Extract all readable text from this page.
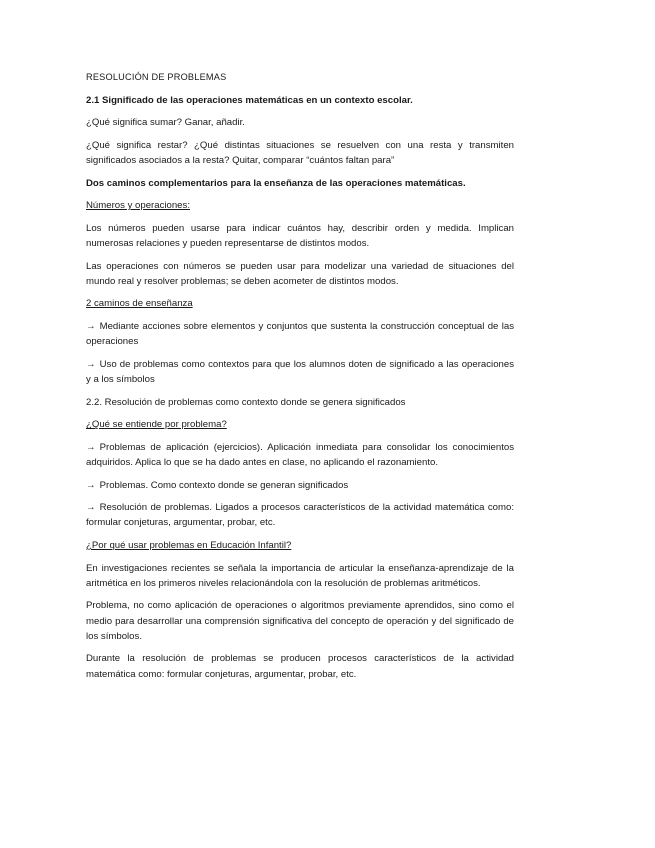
RESOLUCIÓN DE PROBLEMAS

2.1 Significado de las operaciones matemáticas en un contexto escolar.

¿Qué significa sumar? Ganar, añadir.

¿Qué significa restar? ¿Qué distintas situaciones se resuelven con una resta y transmiten significados asociados a la resta? Quitar, comparar “cuántos faltan para”

Dos caminos complementarios para la enseñanza de las operaciones matemáticas.

Números y operaciones:

Los números pueden usarse para indicar cuántos hay, describir orden y medida. Implican numerosas relaciones y pueden representarse de distintos modos.

Las operaciones con números se pueden usar para modelizar una variedad de situaciones del mundo real y resolver problemas; se deben acometer de distintos modos.

2 caminos de enseñanza

→ Mediante acciones sobre elementos y conjuntos que sustenta la construcción conceptual de las operaciones

→ Uso de problemas como contextos para que los alumnos doten de significado a las operaciones y a los símbolos

2.2. Resolución de problemas como contexto donde se genera significados

¿Qué se entiende por problema?

→ Problemas de aplicación (ejercicios). Aplicación inmediata para consolidar los conocimientos adquiridos. Aplica lo que se ha dado antes en clase, no aplicando el razonamiento.

→ Problemas. Como contexto donde se generan significados

→ Resolución de problemas. Ligados a procesos característicos de la actividad matemática como: formular conjeturas, argumentar, probar, etc.

¿Por qué usar problemas en Educación Infantil?

En investigaciones recientes se señala la importancia de articular la enseñanza-aprendizaje de la aritmética en los primeros niveles relacionándola con la resolución de problemas aritméticos.

Problema, no como aplicación de operaciones o algoritmos previamente aprendidos, sino como el medio para desarrollar una comprensión significativa del concepto de operación y del significado de los símbolos.

Durante la resolución de problemas se producen procesos característicos de la actividad matemática como: formular conjeturas, argumentar, probar, etc.
